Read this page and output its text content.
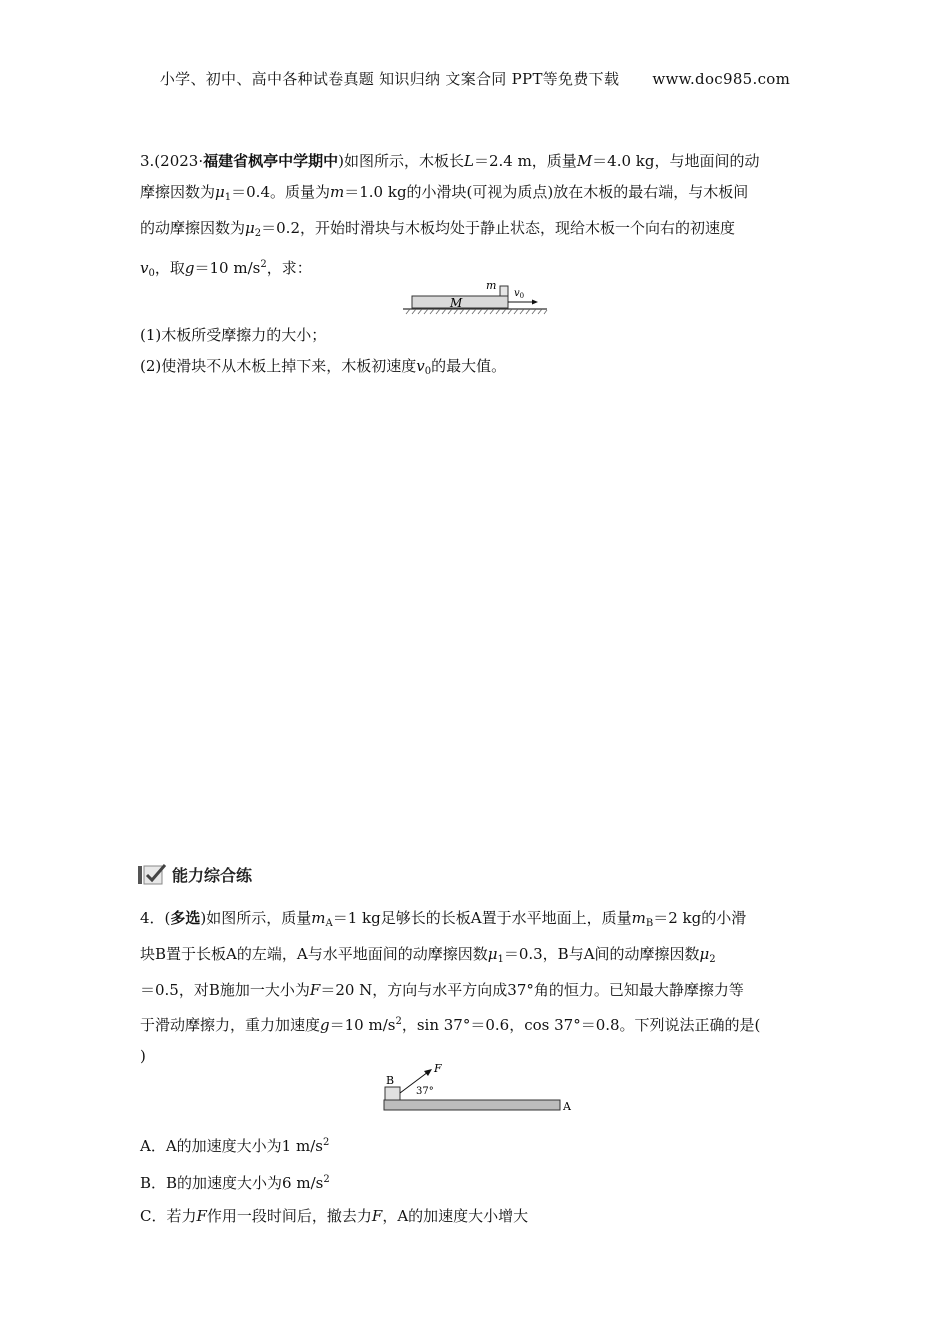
小学、初中、高中各种试卷真题 知识归纳 文案合同 PPT等免费下载 www.doc985.com
3.(2023·福建省枫亭中学期中)如图所示，木板长L＝2.4 m，质量M＝4.0 kg，与地面间的动
摩擦因数为$\mu_1=0.4$。质量为m＝1.0 kg的小滑块(可视为质点)放在木板的最右端，与木板间
的动摩擦因数为$\mu_2=0.2$，开始时滑块与木板均处于静止状态，现给木板一个向右的初速度
$v_0$，取g＝10 $m/s^2$，求：
m
M
$v_0$
(1)木板所受摩擦力的大小；
(2)使滑块不从木板上掉下来，木板初速度$v_0$的最大值。
能力综合练
4．(多选)如图所示，质量$m_A=1$ kg足够长的长板A置于水平地面上，质量$m_B=2$ kg的小滑
块B置于长板A的左端，A与水平地面间的动摩擦因数$\mu_1=0.3$，B与A间的动摩擦因数$\mu_2$
＝0.5，对B施加一大小为F＝20 N，方向与水平方向成37°角的恒力。已知最大静摩擦力等
于滑动摩擦力，重力加速度g＝10 $m/s^2$，sin 37°＝0.6，cos 37°＝0.8。下列说法正确的是(
)
F
37°
B
A
A．A的加速度大小为1 $m/s^2$
B．B的加速度大小为6 $m/s^2$
C．若力F作用一段时间后，撤去力F，A的加速度大小增大
